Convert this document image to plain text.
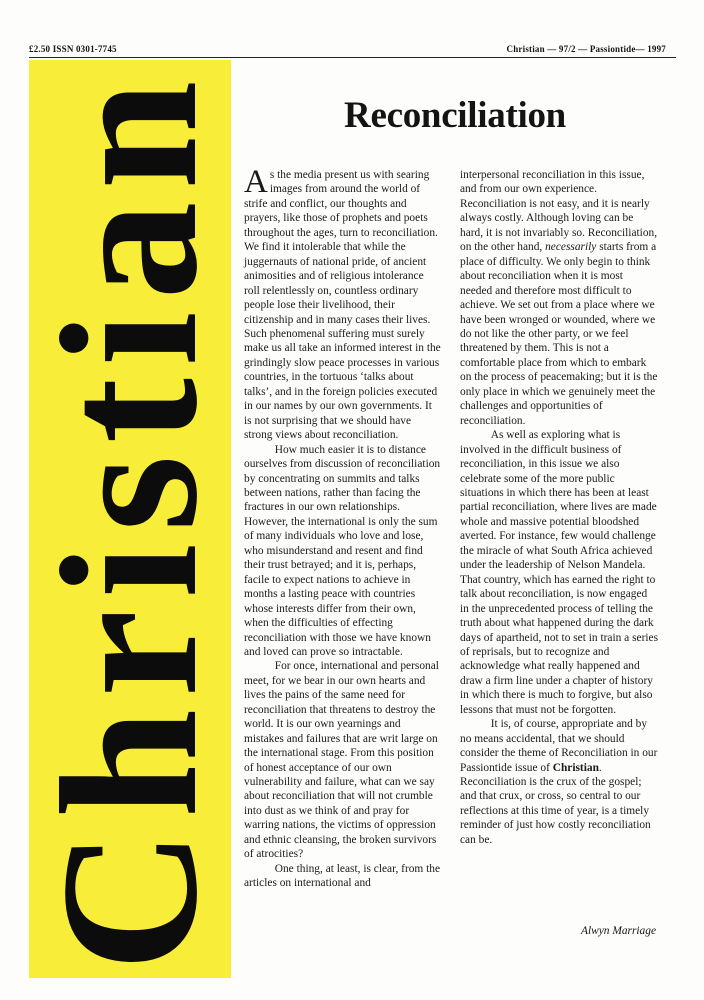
£2.50 ISSN 0301-7745	Christian — 97/2 — Passiontide— 1997
Christian	Reconciliation

As the media present us with searing images from around the world of strife and conflict, our thoughts and prayers, like those of prophets and poets throughout the ages, turn to reconciliation. We find it intolerable that while the juggernauts of national pride, of ancient animosities and of religious intolerance roll relentlessly on, countless ordinary people lose their livelihood, their citizenship and in many cases their lives. Such phenomenal suffering must surely make us all take an informed interest in the grindingly slow peace processes in various countries, in the tortuous ‘talks about talks’, and in the foreign policies executed in our names by our own governments. It is not surprising that we should have strong views about reconciliation.

How much easier it is to distance ourselves from discussion of reconciliation by concentrating on summits and talks between nations, rather than facing the fractures in our own relationships. However, the international is only the sum of many individuals who love and lose, who misunderstand and resent and find their trust betrayed; and it is, perhaps, facile to expect nations to achieve in months a lasting peace with countries whose interests differ from their own, when the difficulties of effecting reconciliation with those we have known and loved can prove so intractable.

For once, international and personal meet, for we bear in our own hearts and lives the pains of the same need for reconciliation that threatens to destroy the world. It is our own yearnings and mistakes and failures that are writ large on the international stage. From this position of honest acceptance of our own vulnerability and failure, what can we say about reconciliation that will not crumble into dust as we think of and pray for warring nations, the victims of oppression and ethnic cleansing, the broken survivors of atrocities?

One thing, at least, is clear, from the articles on international and

interpersonal reconciliation in this issue, and from our own experience. Reconciliation is not easy, and it is nearly always costly. Although loving can be hard, it is not invariably so. Reconciliation, on the other hand, necessarily starts from a place of difficulty. We only begin to think about reconciliation when it is most needed and therefore most difficult to achieve. We set out from a place where we have been wronged or wounded, where we do not like the other party, or we feel threatened by them. This is not a comfortable place from which to embark on the process of peacemaking; but it is the only place in which we genuinely meet the challenges and opportunities of reconciliation.

As well as exploring what is involved in the difficult business of reconciliation, in this issue we also celebrate some of the more public situations in which there has been at least partial reconciliation, where lives are made whole and massive potential bloodshed averted. For instance, few would challenge the miracle of what South Africa achieved under the leadership of Nelson Mandela. That country, which has earned the right to talk about reconciliation, is now engaged in the unprecedented process of telling the truth about what happened during the dark days of apartheid, not to set in train a series of reprisals, but to recognize and acknowledge what really happened and draw a firm line under a chapter of history in which there is much to forgive, but also lessons that must not be forgotten.

It is, of course, appropriate and by no means accidental, that we should consider the theme of Reconciliation in our Passiontide issue of Christian. Reconciliation is the crux of the gospel; and that crux, or cross, so central to our reflections at this time of year, is a timely reminder of just how costly reconciliation can be.

Alwyn Marriage
